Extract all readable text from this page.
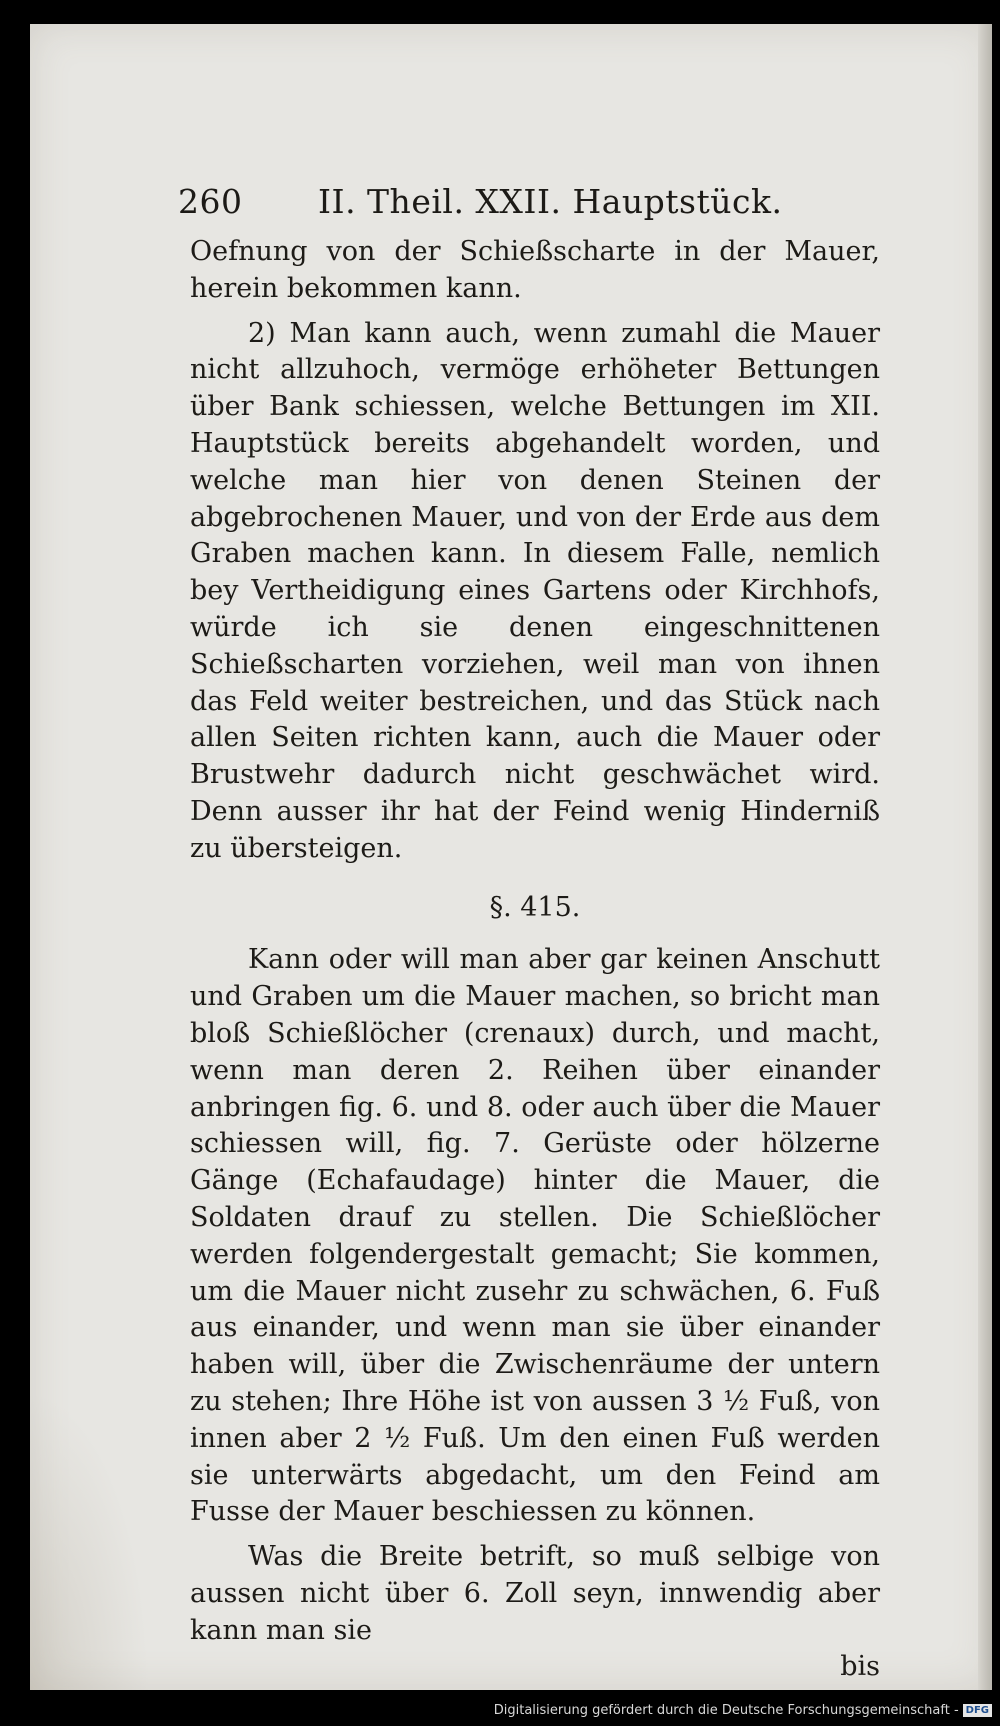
260 II. Theil. XXII. Hauptstück.

Oefnung von der Schießscharte in der Mauer, herein bekommen kann.

2) Man kann auch, wenn zumahl die Mauer nicht allzuhoch, vermöge erhöheter Bettungen über Bank schiessen, welche Bettungen im XII. Hauptstück bereits abgehandelt worden, und welche man hier von denen Steinen der abgebrochenen Mauer, und von der Erde aus dem Graben machen kann. In diesem Falle, nemlich bey Vertheidigung eines Gartens oder Kirchhofs, würde ich sie denen eingeschnittenen Schießscharten vorziehen, weil man von ihnen das Feld weiter bestreichen, und das Stück nach allen Seiten richten kann, auch die Mauer oder Brustwehr dadurch nicht geschwächet wird. Denn ausser ihr hat der Feind wenig Hinderniß zu übersteigen.

§. 415.

Kann oder will man aber gar keinen Anschutt und Graben um die Mauer machen, so bricht man bloß Schießlöcher (crenaux) durch, und macht, wenn man deren 2. Reihen über einander anbringen fig. 6. und 8. oder auch über die Mauer schiessen will, fig. 7. Gerüste oder hölzerne Gänge (Echafaudage) hinter die Mauer, die Soldaten drauf zu stellen. Die Schießlöcher werden folgendergestalt gemacht; Sie kommen, um die Mauer nicht zusehr zu schwächen, 6. Fuß aus einander, und wenn man sie über einander haben will, über die Zwischenräume der untern zu stehen; Ihre Höhe ist von aussen 3 ½ Fuß, von innen aber 2 ½ Fuß. Um den einen Fuß werden sie unterwärts abgedacht, um den Feind am Fusse der Mauer beschiessen zu können.

Was die Breite betrift, so muß selbige von aussen nicht über 6. Zoll seyn, innwendig aber kann man sie

bis
Digitalisierung gefördert durch die Deutsche Forschungsgemeinschaft - DFG
